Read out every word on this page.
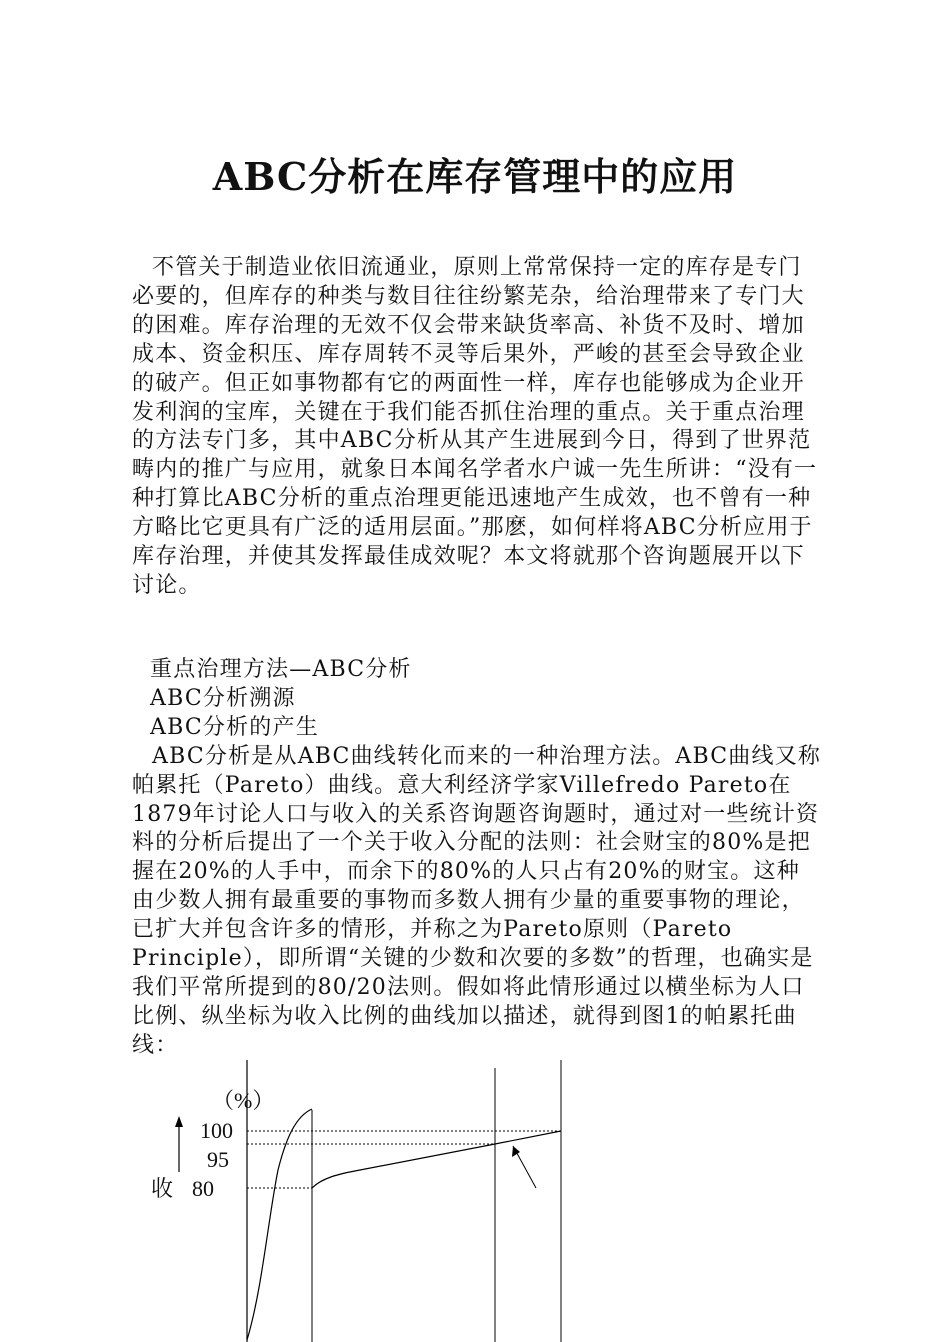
ABC分析在库存管理中的应用

不管关于制造业依旧流通业，原则上常常保持一定的库存是专门必要的，但库存的种类与数目往往纷繁芜杂，给治理带来了专门大的困难。库存治理的无效不仅会带来缺货率高、补货不及时、增加成本、资金积压、库存周转不灵等后果外，严峻的甚至会导致企业的破产。但正如事物都有它的两面性一样，库存也能够成为企业开发利润的宝库，关键在于我们能否抓住治理的重点。关于重点治理的方法专门多，其中ABC分析从其产生进展到今日，得到了世界范畴内的推广与应用，就象日本闻名学者水户诚一先生所讲：“没有一种打算比ABC分析的重点治理更能迅速地产生成效，也不曾有一种方略比它更具有广泛的适用层面。”那麽，如何样将ABC分析应用于库存治理，并使其发挥最佳成效呢？本文将就那个咨询题展开以下讨论。

重点治理方法—ABC分析

ABC分析溯源

ABC分析的产生

ABC分析是从ABC曲线转化而来的一种治理方法。ABC曲线又称帕累托（Pareto）曲线。意大利经济学家Villefredo Pareto在1879年讨论人口与收入的关系咨询题咨询题时，通过对一些统计资料的分析后提出了一个关于收入分配的法则：社会财宝的80%是把握在20%的人手中，而余下的80%的人只占有20%的财宝。这种由少数人拥有最重要的事物而多数人拥有少量的重要事物的理论，已扩大并包含许多的情形，并称之为Pareto原则（Pareto Principle），即所谓“关键的少数和次要的多数”的哲理，也确实是我们平常所提到的80/20法则。假如将此情形通过以横坐标为人口比例、纵坐标为收入比例的曲线加以描述，就得到图1的帕累托曲线：

（%）
100
95
80
收
